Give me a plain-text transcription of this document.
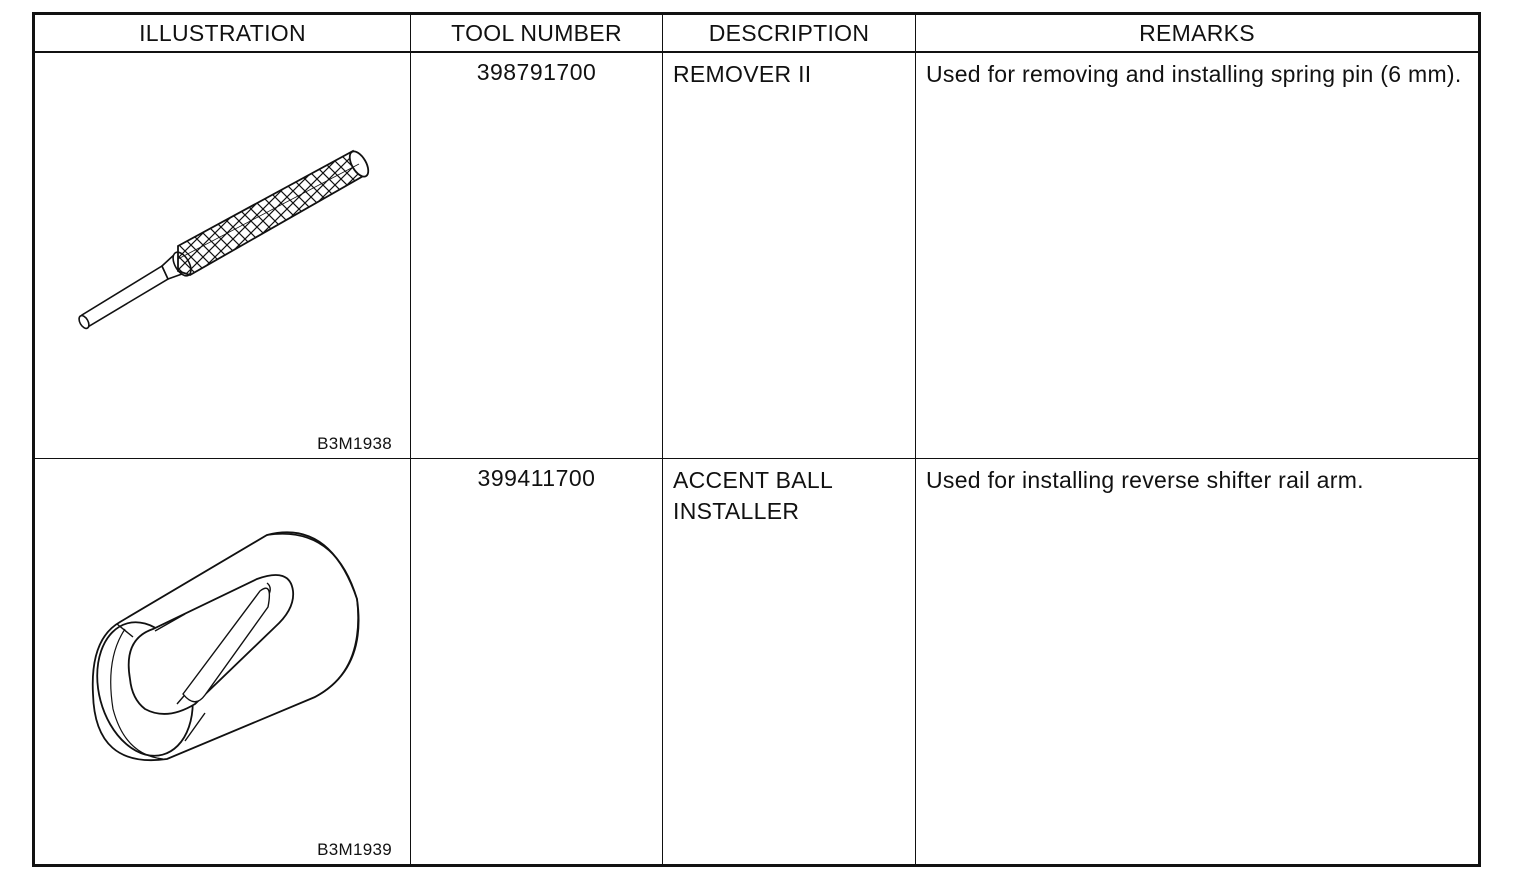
ILLUSTRATION	TOOL NUMBER	DESCRIPTION	REMARKS

B3M1938	398791700	REMOVER II	Used for removing and installing spring pin (6 mm).

B3M1939	399411700	ACCENT BALL INSTALLER	Used for installing reverse shifter rail arm.
